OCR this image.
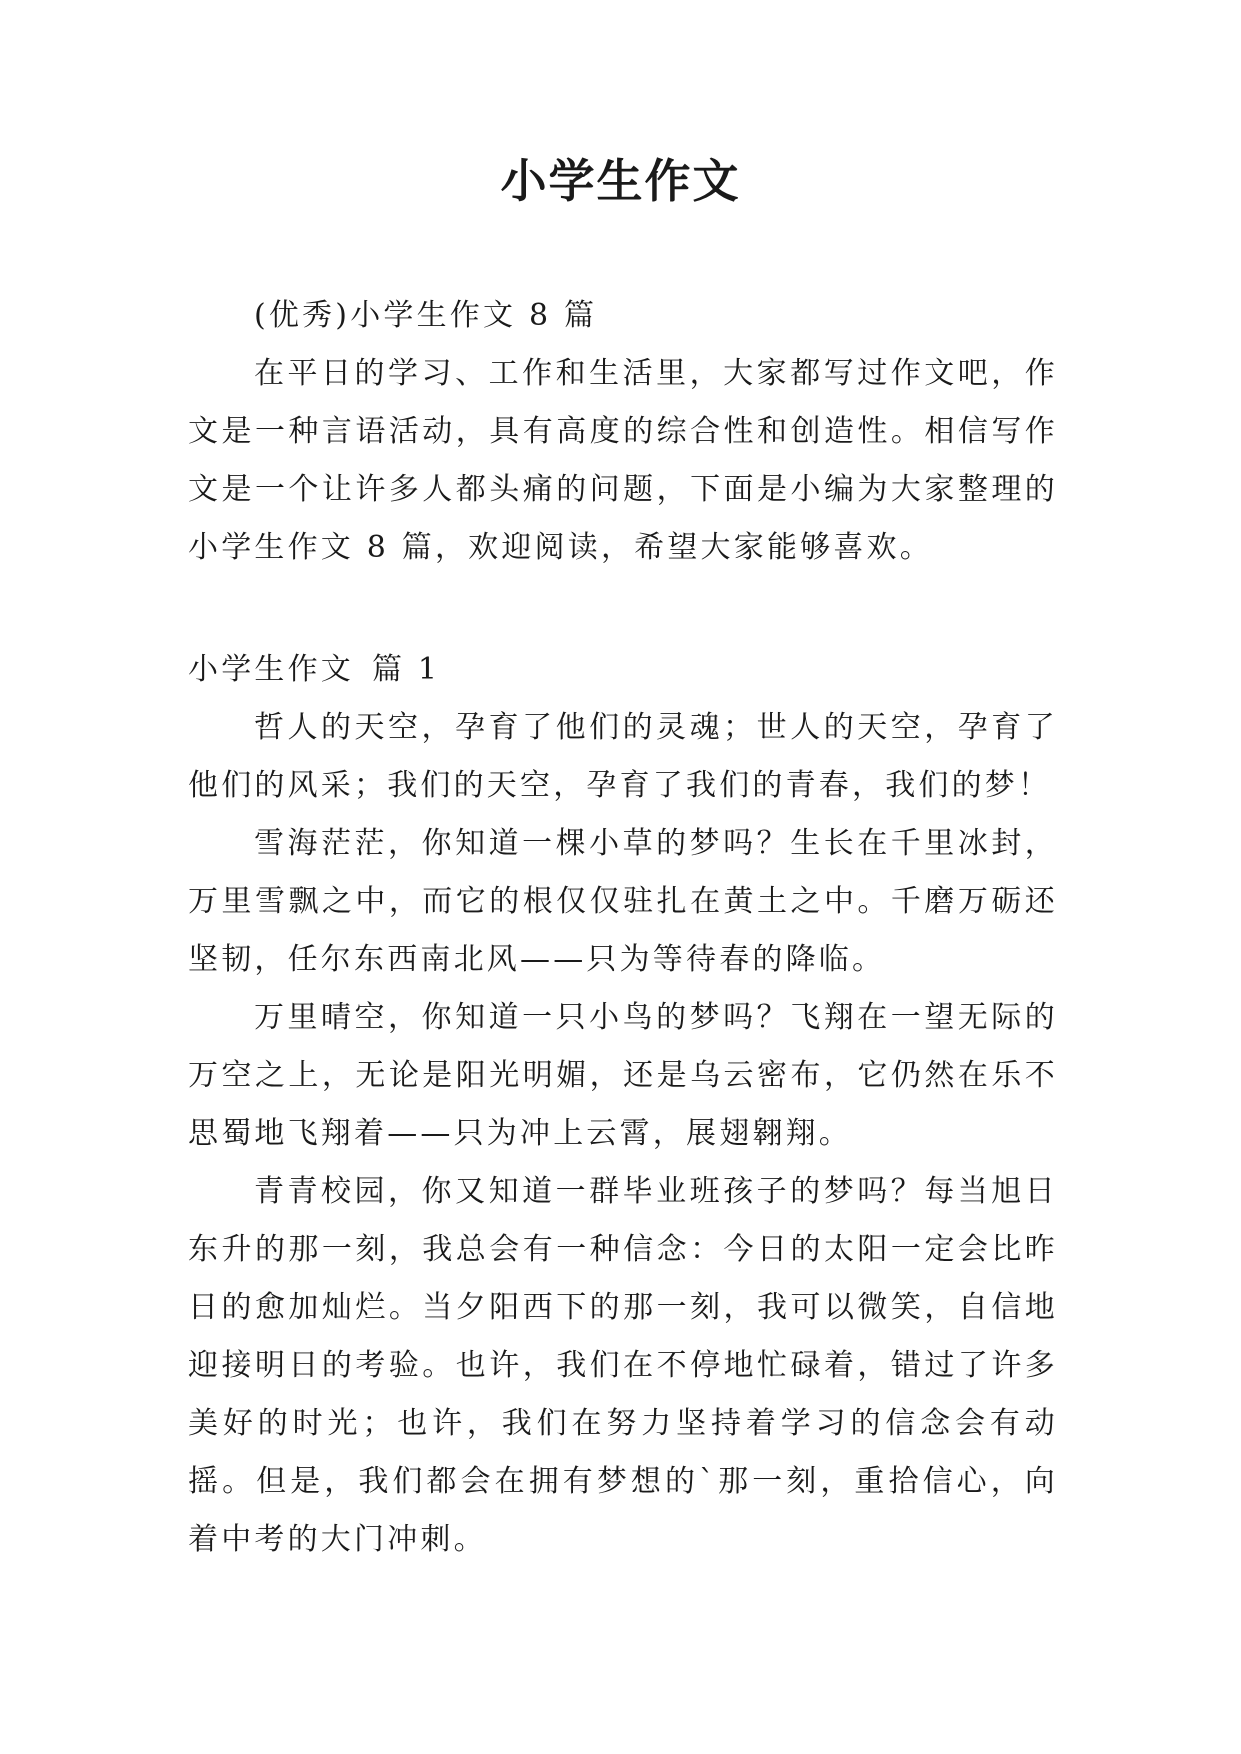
小学生作文

(优秀)小学生作文 8 篇

在平日的学习、工作和生活里，大家都写过作文吧，作文是一种言语活动，具有高度的综合性和创造性。相信写作文是一个让许多人都头痛的问题，下面是小编为大家整理的小学生作文 8 篇，欢迎阅读，希望大家能够喜欢。

小学生作文 篇 1

哲人的天空，孕育了他们的灵魂；世人的天空，孕育了他们的风采；我们的天空，孕育了我们的青春，我们的梦！

雪海茫茫，你知道一棵小草的梦吗？生长在千里冰封，万里雪飘之中，而它的根仅仅驻扎在黄土之中。千磨万砺还坚韧，任尔东西南北风——只为等待春的降临。

万里晴空，你知道一只小鸟的梦吗？飞翔在一望无际的万空之上，无论是阳光明媚，还是乌云密布，它仍然在乐不思蜀地飞翔着——只为冲上云霄，展翅翱翔。

青青校园，你又知道一群毕业班孩子的梦吗？每当旭日东升的那一刻，我总会有一种信念：今日的太阳一定会比昨日的愈加灿烂。当夕阳西下的那一刻，我可以微笑，自信地迎接明日的考验。也许，我们在不停地忙碌着，错过了许多美好的时光；也许，我们在努力坚持着学习的信念会有动摇。但是，我们都会在拥有梦想的`那一刻，重拾信心，向着中考的大门冲刺。
